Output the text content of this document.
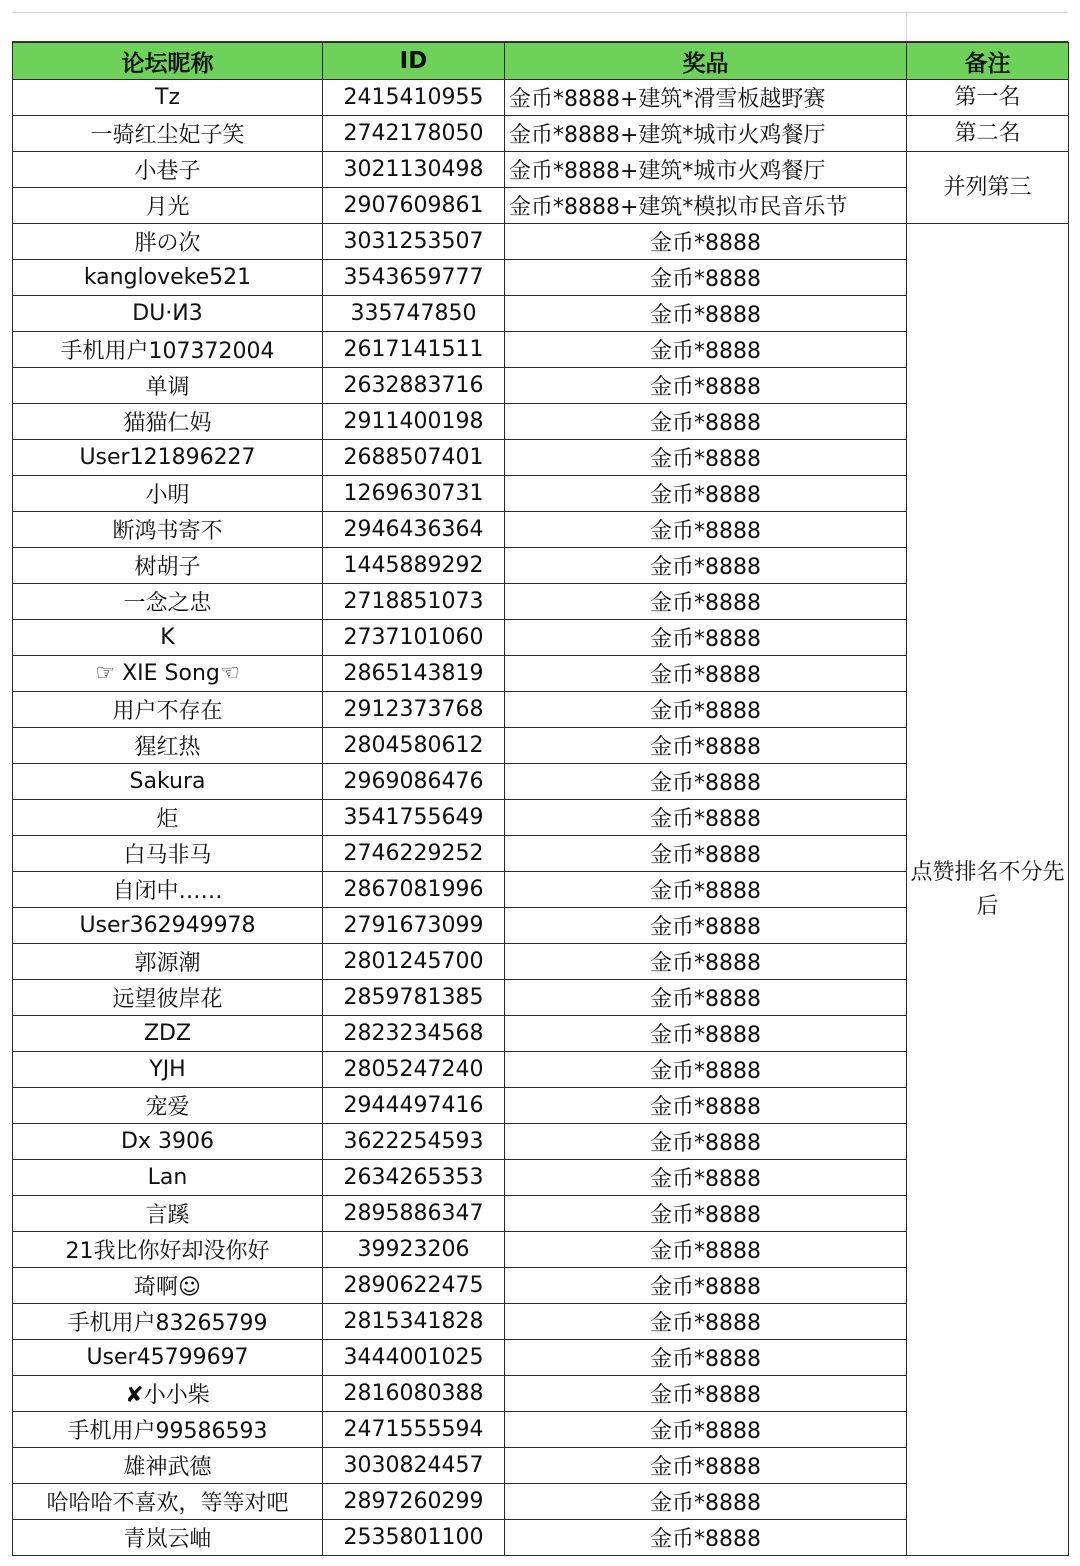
论坛昵称	ID	奖品	备注
Tz	2415410955	金币*8888+建筑*滑雪板越野赛	第一名
一骑红尘妃子笑	2742178050	金币*8888+建筑*城市火鸡餐厅	第二名
小巷子	3021130498	金币*8888+建筑*城市火鸡餐厅	并列第三
月光	2907609861	金币*8888+建筑*模拟市民音乐节	
胖の次	3031253507	金币*8888	点赞排名不分先后
kangloveke521	3543659777	金币*8888	
DU·И3	335747850	金币*8888	
手机用户107372004	2617141511	金币*8888	
单调	2632883716	金币*8888	
猫猫仁妈	2911400198	金币*8888	
User121896227	2688507401	金币*8888	
小明	1269630731	金币*8888	
断鸿书寄不	2946436364	金币*8888	
树胡子	1445889292	金币*8888	
一念之忠	2718851073	金币*8888	
K	2737101060	金币*8888	
☞ XIE Song☜	2865143819	金币*8888	
用户不存在	2912373768	金币*8888	
猩红热	2804580612	金币*8888	
Sakura	2969086476	金币*8888	
炬	3541755649	金币*8888	
白马非马	2746229252	金币*8888	
自闭中……	2867081996	金币*8888	
User362949978	2791673099	金币*8888	
郭源潮	2801245700	金币*8888	
远望彼岸花	2859781385	金币*8888	
ZDZ	2823234568	金币*8888	
YJH	2805247240	金币*8888	
宠爱	2944497416	金币*8888	
Dx 3906	3622254593	金币*8888	
Lan	2634265353	金币*8888	
言蹊	2895886347	金币*8888	
21我比你好却没你好	39923206	金币*8888	
琦啊☺	2890622475	金币*8888	
手机用户83265799	2815341828	金币*8888	
User45799697	3444001025	金币*8888	
✘小小柴	2816080388	金币*8888	
手机用户99586593	2471555594	金币*8888	
雄神武德	3030824457	金币*8888	
哈哈哈不喜欢，等等对吧	2897260299	金币*8888	
青岚云岫	2535801100	金币*8888	
